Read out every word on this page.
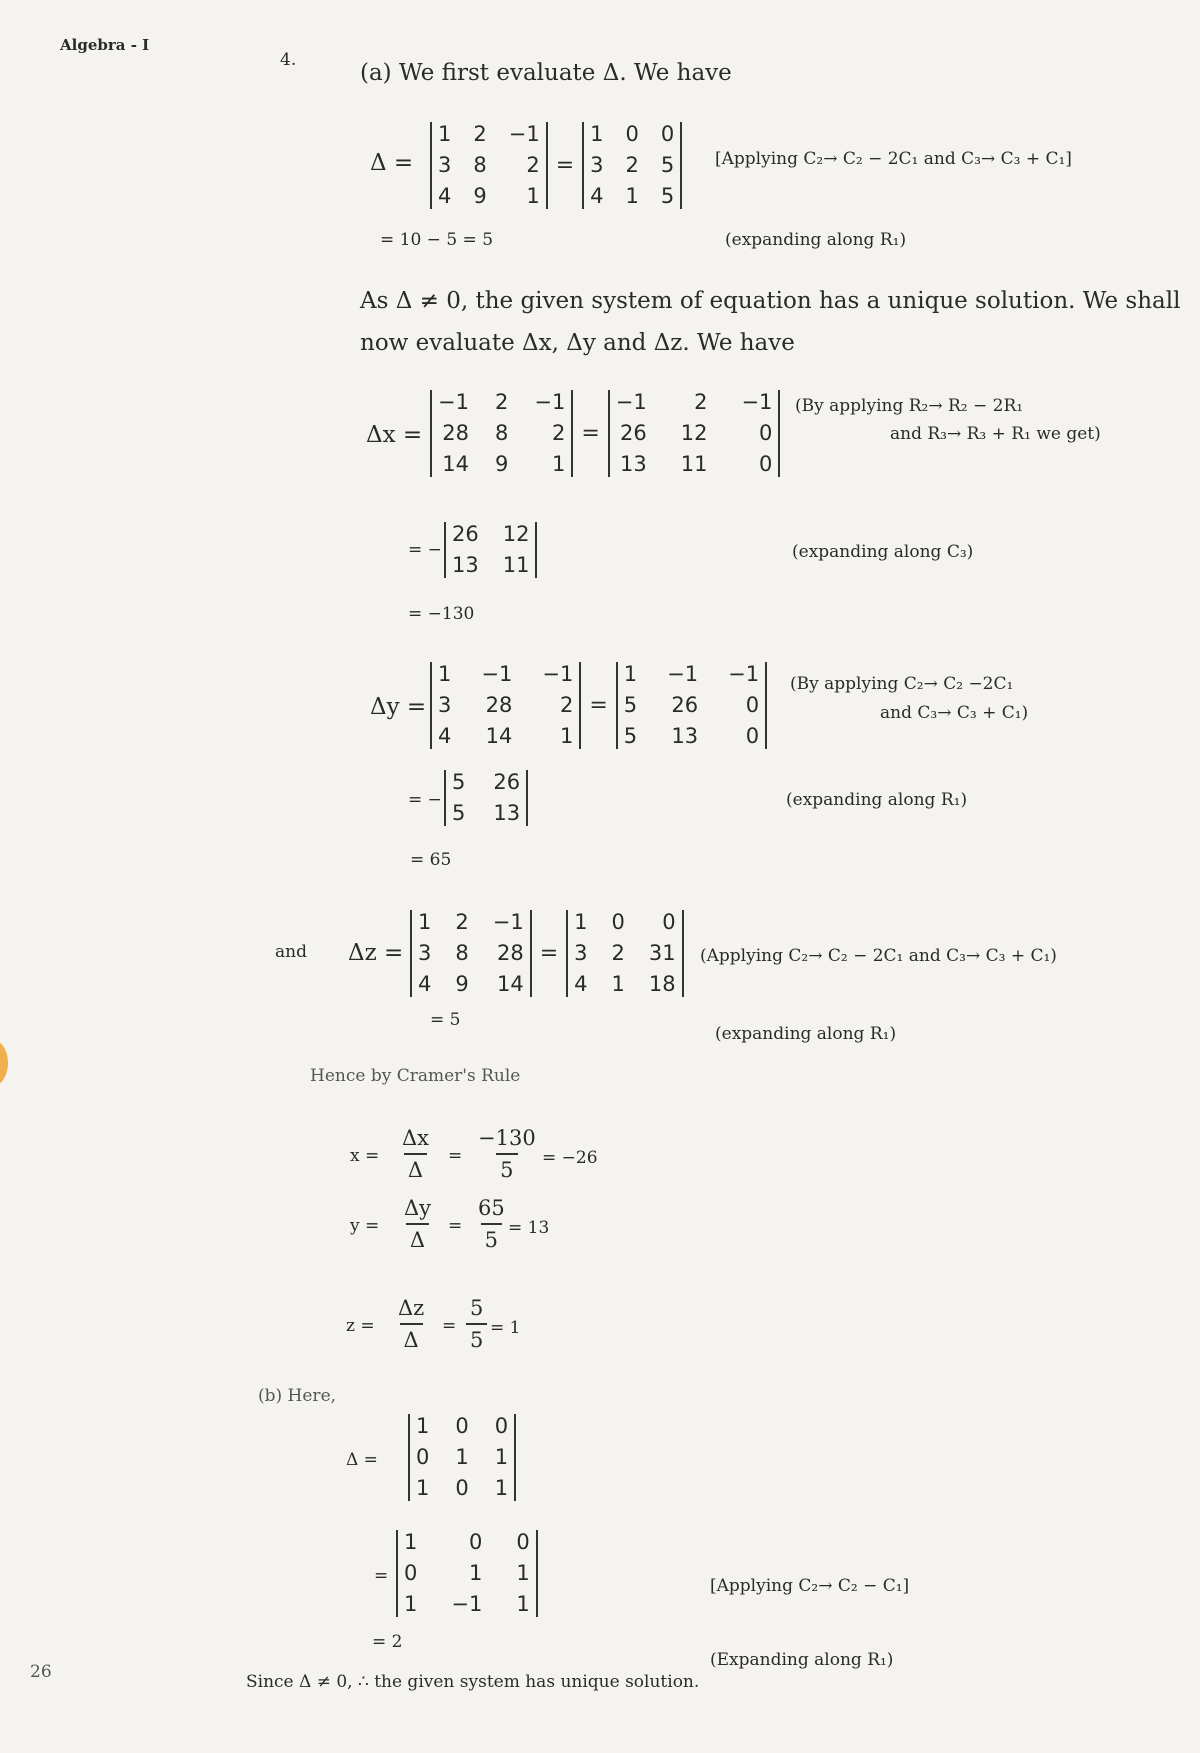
Algebra - I
4.	(a) We first evaluate Δ. We have
Δ =
1 2 −1
3 8	2
4 9	1
=
1 0 0
3 2 5
4 1 5
[Applying C₂→ C₂ − 2C₁ and C₃→ C₃ + C₁]
= 10 − 5 = 5	(expanding along R₁)
As Δ ≠ 0, the given system of equation has a unique solution. We shall
now evaluate Δx, Δy and Δz. We have
Δx =
−1 2 −1
28 8	2
14 9	1
=
−1	2 −1
26 12	0
13 11	0
(By applying R₂→ R₂ − 2R₁
and R₃→ R₃ + R₁ we get)
= −
26 12
13 11
(expanding along C₃)
= −130
Δy =
1 −1 −1
3 28	2
4 14	1
=
1 −1 −1
5 26	0
5 13	0
(By applying C₂→ C₂ −2C₁
and C₃→ C₃ + C₁)
= −
5 26
5 13
(expanding along R₁)
= 65
and Δz =
1 2 −1
3 8 28
4 9 14
=
1 0	0
3 2 31
4 1 18
(Applying C₂→ C₂ − 2C₁ and C₃→ C₃ + C₁)
= 5
(expanding along R₁)
Hence by Cramer's Rule
$x = \frac{\Delta x}{\Delta} = \frac{-130}{5} = -26$
$y = \frac{\Delta y}{\Delta} = \frac{65}{5} = 13$
$z = \frac{\Delta z}{\Delta} = \frac{5}{5} = 1$
(b) Here,
Δ =
1 0 0
0 1 1
1 0 1
=
1	0 0
0	1 1
1 −1 1
[Applying C₂→ C₂ − C₁]
= 2
(Expanding along R₁)
Since Δ ≠ 0, ∴ the given system has unique solution.
26
